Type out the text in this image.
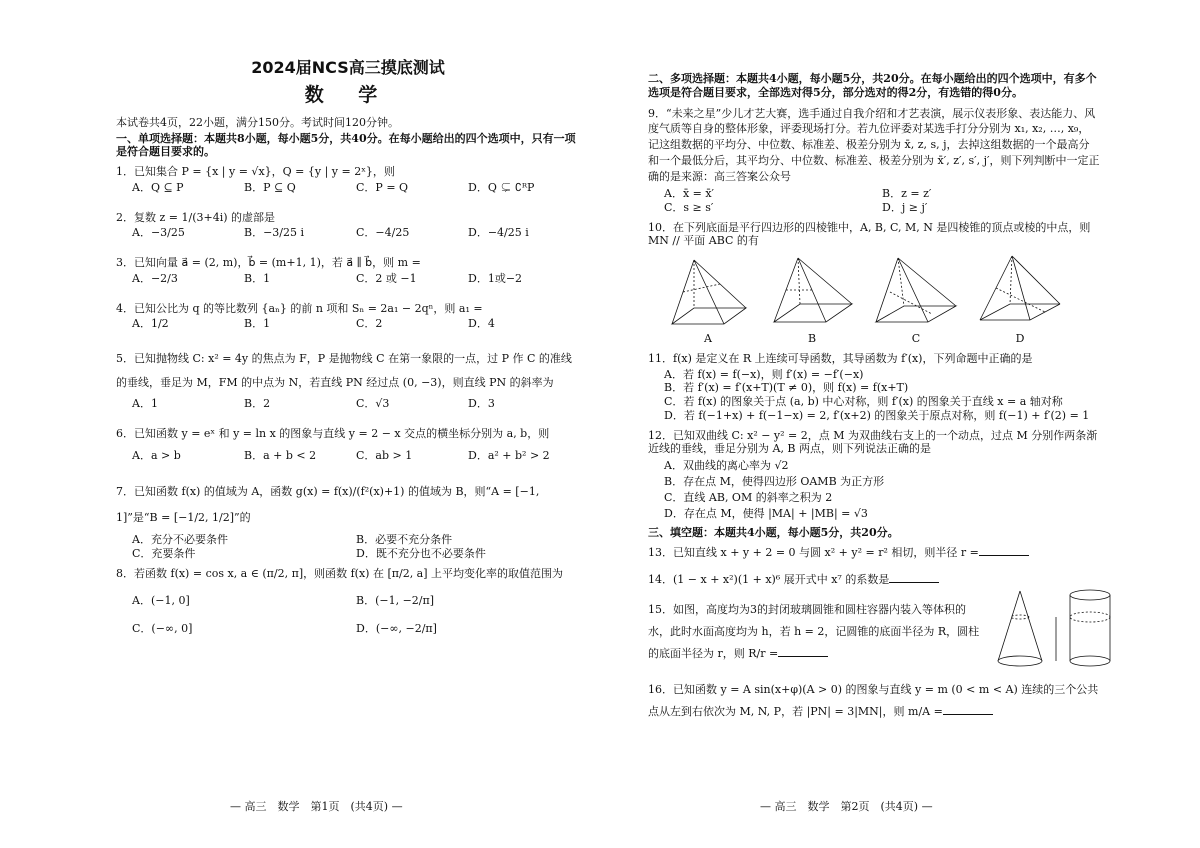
2024届NCS高三摸底测试
数 学

本试卷共4页，22小题，满分150分。考试时间120分钟。

一、单项选择题：本题共8小题，每小题5分，共40分。在每小题给出的四个选项中，只有一项是符合题目要求的。

1．已知集合 P = {x | y = √x}，Q = {y | y = 2ˣ}，则
A．Q ⊆ P	B．P ⊆ Q	C．P = Q	D．Q ⊊ ∁ᴿP
2．复数 z = 1/(3+4i) 的虚部是
A．−3/25	B．−3/25 i	C．−4/25	D．−4/25 i
3．已知向量 a⃗ = (2, m)，b⃗ = (m+1, 1)，若 a⃗ ∥ b⃗，则 m =
A．−2/3	B．1	C．2 或 −1	D．1或−2
4．已知公比为 q 的等比数列 {aₙ} 的前 n 项和 Sₙ = 2a₁ − 2qⁿ，则 a₁ =
A．1/2	B．1	C．2	D．4
5．已知抛物线 C: x² = 4y 的焦点为 F，P 是抛物线 C 在第一象限的一点，过 P 作 C 的准线的垂线，垂足为 M，FM 的中点为 N，若直线 PN 经过点 (0, −3)，则直线 PN 的斜率为
A．1	B．2	C．√3	D．3
6．已知函数 y = eˣ 和 y = ln x 的图象与直线 y = 2 − x 交点的横坐标分别为 a, b，则
A．a > b	B．a + b < 2	C．ab > 1	D．a² + b² > 2
7．已知函数 f(x) 的值域为 A，函数 g(x) = f(x)/(f²(x)+1) 的值域为 B，则“A = [−1, 1]”是“B = [−1/2, 1/2]”的
A．充分不必要条件	B．必要不充分条件
C．充要条件	D．既不充分也不必要条件
8．若函数 f(x) = cos x, a ∈ (π/2, π]，则函数 f(x) 在 [π/2, a] 上平均变化率的取值范围为
A．(−1, 0]	B．(−1, −2/π]
C．(−∞, 0]	D．(−∞, −2/π]
— 高三　数学　第1页　(共4页) —

二、多项选择题：本题共4小题，每小题5分，共20分。在每小题给出的四个选项中，有多个选项是符合题目要求，全部选对得5分，部分选对的得2分，有选错的得0分。

9．“未来之星”少儿才艺大赛，选手通过自我介绍和才艺表演，展示仪表形象、表达能力、风度气质等自身的整体形象，评委现场打分。若九位评委对某选手打分分别为 x₁, x₂, …, x₉，记这组数据的平均分、中位数、标准差、极差分别为 x̄, z, s, j，去掉这组数据的一个最高分和一个最低分后，其平均分、中位数、标准差、极差分别为 x̄′, z′, s′, j′，则下列判断中一定正确的是来源：高三答案公众号
A．x̄ = x̄′	B．z = z′
C．s ≥ s′	D．j ≥ j′
10．在下列底面是平行四边形的四棱锥中，A, B, C, M, N 是四棱锥的顶点或棱的中点，则 MN // 平面 ABC 的有
A	B	C	D
11．f(x) 是定义在 R 上连续可导函数，其导函数为 f′(x)，下列命题中正确的是
A．若 f(x) = f(−x)，则 f′(x) = −f′(−x)
B．若 f′(x) = f′(x+T)(T ≠ 0)，则 f(x) = f(x+T)
C．若 f(x) 的图象关于点 (a, b) 中心对称，则 f′(x) 的图象关于直线 x = a 轴对称
D．若 f(−1+x) + f(−1−x) = 2, f′(x+2) 的图象关于原点对称，则 f(−1) + f′(2) = 1
12．已知双曲线 C: x² − y² = 2，点 M 为双曲线右支上的一个动点，过点 M 分别作两条渐近线的垂线，垂足分别为 A, B 两点，则下列说法正确的是
A．双曲线的离心率为 √2
B．存在点 M，使得四边形 OAMB 为正方形
C．直线 AB, OM 的斜率之积为 2
D．存在点 M，使得 |MA| + |MB| = √3

三、填空题：本题共4小题，每小题5分，共20分。

13．已知直线 x + y + 2 = 0 与圆 x² + y² = r² 相切，则半径 r =
14．(1 − x + x²)(1 + x)⁶ 展开式中 x⁷ 的系数是
15．如图，高度均为3的封闭玻璃圆锥和圆柱容器内装入等体积的水，此时水面高度均为 h，若 h = 2，记圆锥的底面半径为 R，圆柱的底面半径为 r，则 R/r =
16．已知函数 y = A sin(x+φ)(A > 0) 的图象与直线 y = m (0 < m < A) 连续的三个公共点从左到右依次为 M, N, P，若 |PN| = 3|MN|，则 m/A =
— 高三　数学　第2页　(共4页) —
